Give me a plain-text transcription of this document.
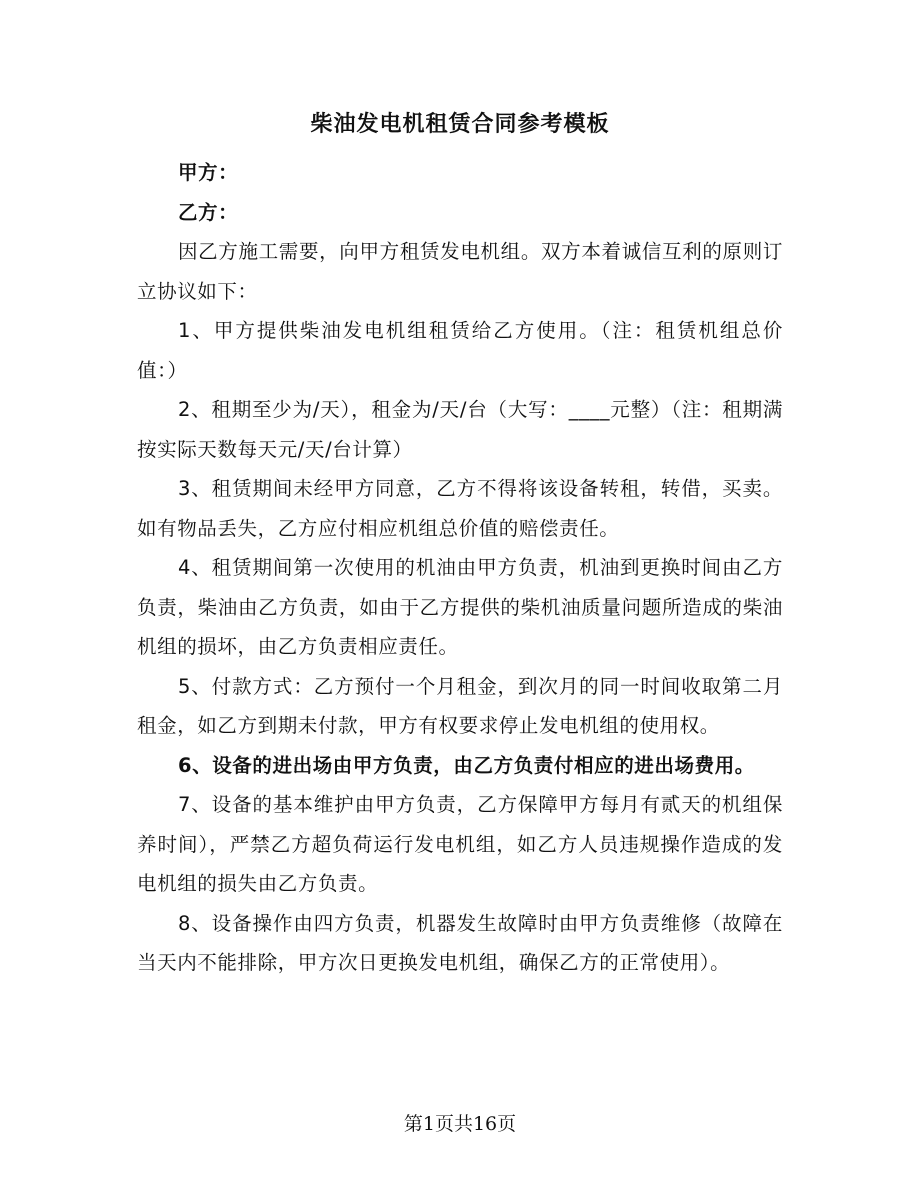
柴油发电机租赁合同参考模板

甲方：

乙方：

因乙方施工需要，向甲方租赁发电机组。双方本着诚信互利的原则订立协议如下：

1、甲方提供柴油发电机组租赁给乙方使用。（注：租赁机组总价值：）

2、租期至少为/天），租金为/天/台（大写：____元整）（注：租期满按实际天数每天元/天/台计算）

3、租赁期间未经甲方同意，乙方不得将该设备转租，转借，买卖。如有物品丢失，乙方应付相应机组总价值的赔偿责任。

4、租赁期间第一次使用的机油由甲方负责，机油到更换时间由乙方负责，柴油由乙方负责，如由于乙方提供的柴机油质量问题所造成的柴油机组的损坏，由乙方负责相应责任。

5、付款方式：乙方预付一个月租金，到次月的同一时间收取第二月租金，如乙方到期未付款，甲方有权要求停止发电机组的使用权。

6、设备的进出场由甲方负责，由乙方负责付相应的进出场费用。

7、设备的基本维护由甲方负责，乙方保障甲方每月有贰天的机组保养时间），严禁乙方超负荷运行发电机组，如乙方人员违规操作造成的发电机组的损失由乙方负责。

8、设备操作由四方负责，机器发生故障时由甲方负责维修（故障在当天内不能排除，甲方次日更换发电机组，确保乙方的正常使用）。

第1页共16页
